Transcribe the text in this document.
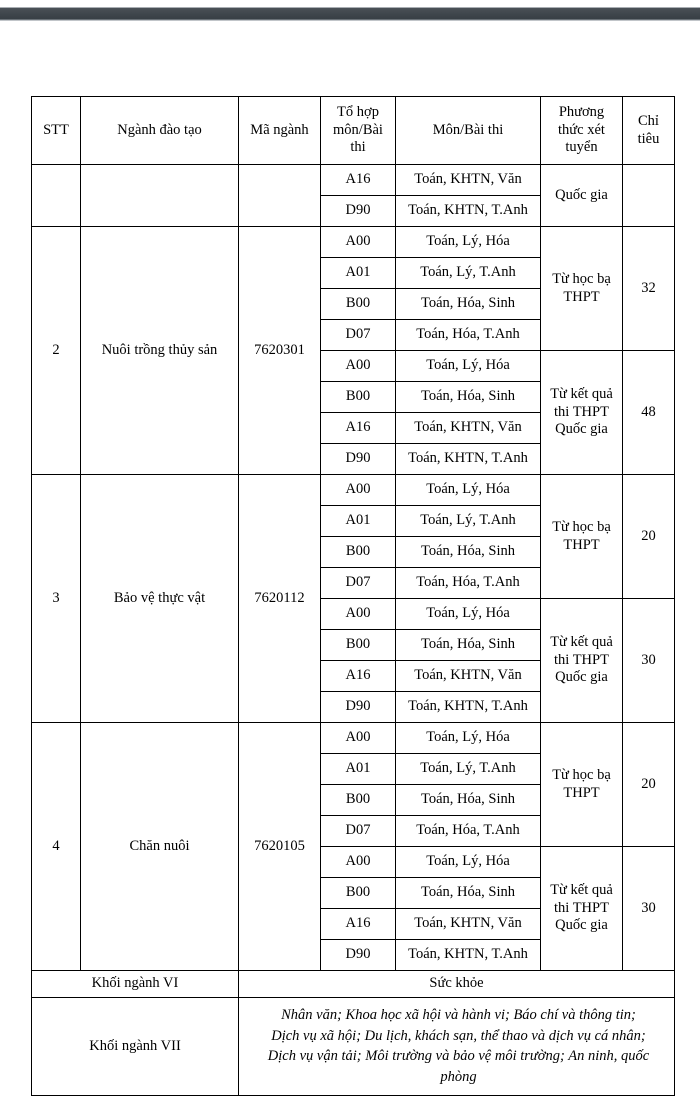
STT	Ngành đào tạo	Mã ngành	Tổ hợp
môn/Bài
thi	Môn/Bài thi	Phương
thức xét
tuyển	Chỉ
tiêu

			A16	Toán, KHTN, Văn	Quốc gia	
			D90	Toán, KHTN, T.Anh		
2	Nuôi trồng thủy sản	7620301	A00	Toán, Lý, Hóa	Từ học bạ
THPT	32
			A01	Toán, Lý, T.Anh		
			B00	Toán, Hóa, Sinh		
			D07	Toán, Hóa, T.Anh		
			A00	Toán, Lý, Hóa	Từ kết quả
thi THPT
Quốc gia	48
			B00	Toán, Hóa, Sinh		
			A16	Toán, KHTN, Văn		
			D90	Toán, KHTN, T.Anh		
3	Bảo vệ thực vật	7620112	A00	Toán, Lý, Hóa	Từ học bạ
THPT	20
			A01	Toán, Lý, T.Anh		
			B00	Toán, Hóa, Sinh		
			D07	Toán, Hóa, T.Anh		
			A00	Toán, Lý, Hóa	Từ kết quả
thi THPT
Quốc gia	30
			B00	Toán, Hóa, Sinh		
			A16	Toán, KHTN, Văn		
			D90	Toán, KHTN, T.Anh		
4	Chăn nuôi	7620105	A00	Toán, Lý, Hóa	Từ học bạ
THPT	20
			A01	Toán, Lý, T.Anh		
			B00	Toán, Hóa, Sinh		
			D07	Toán, Hóa, T.Anh		
			A00	Toán, Lý, Hóa	Từ kết quả
thi THPT
Quốc gia	30
			B00	Toán, Hóa, Sinh		
			A16	Toán, KHTN, Văn		
			D90	Toán, KHTN, T.Anh		
Khối ngành VI		Sức khỏe				

Khối ngành VII		Nhân văn; Khoa học xã hội và hành vi; Báo chí và thông tin;
Dịch vụ xã hội; Du lịch, khách sạn, thể thao và dịch vụ cá nhân;
Dịch vụ vận tải; Môi trường và bảo vệ môi trường; An ninh, quốc
phòng				
